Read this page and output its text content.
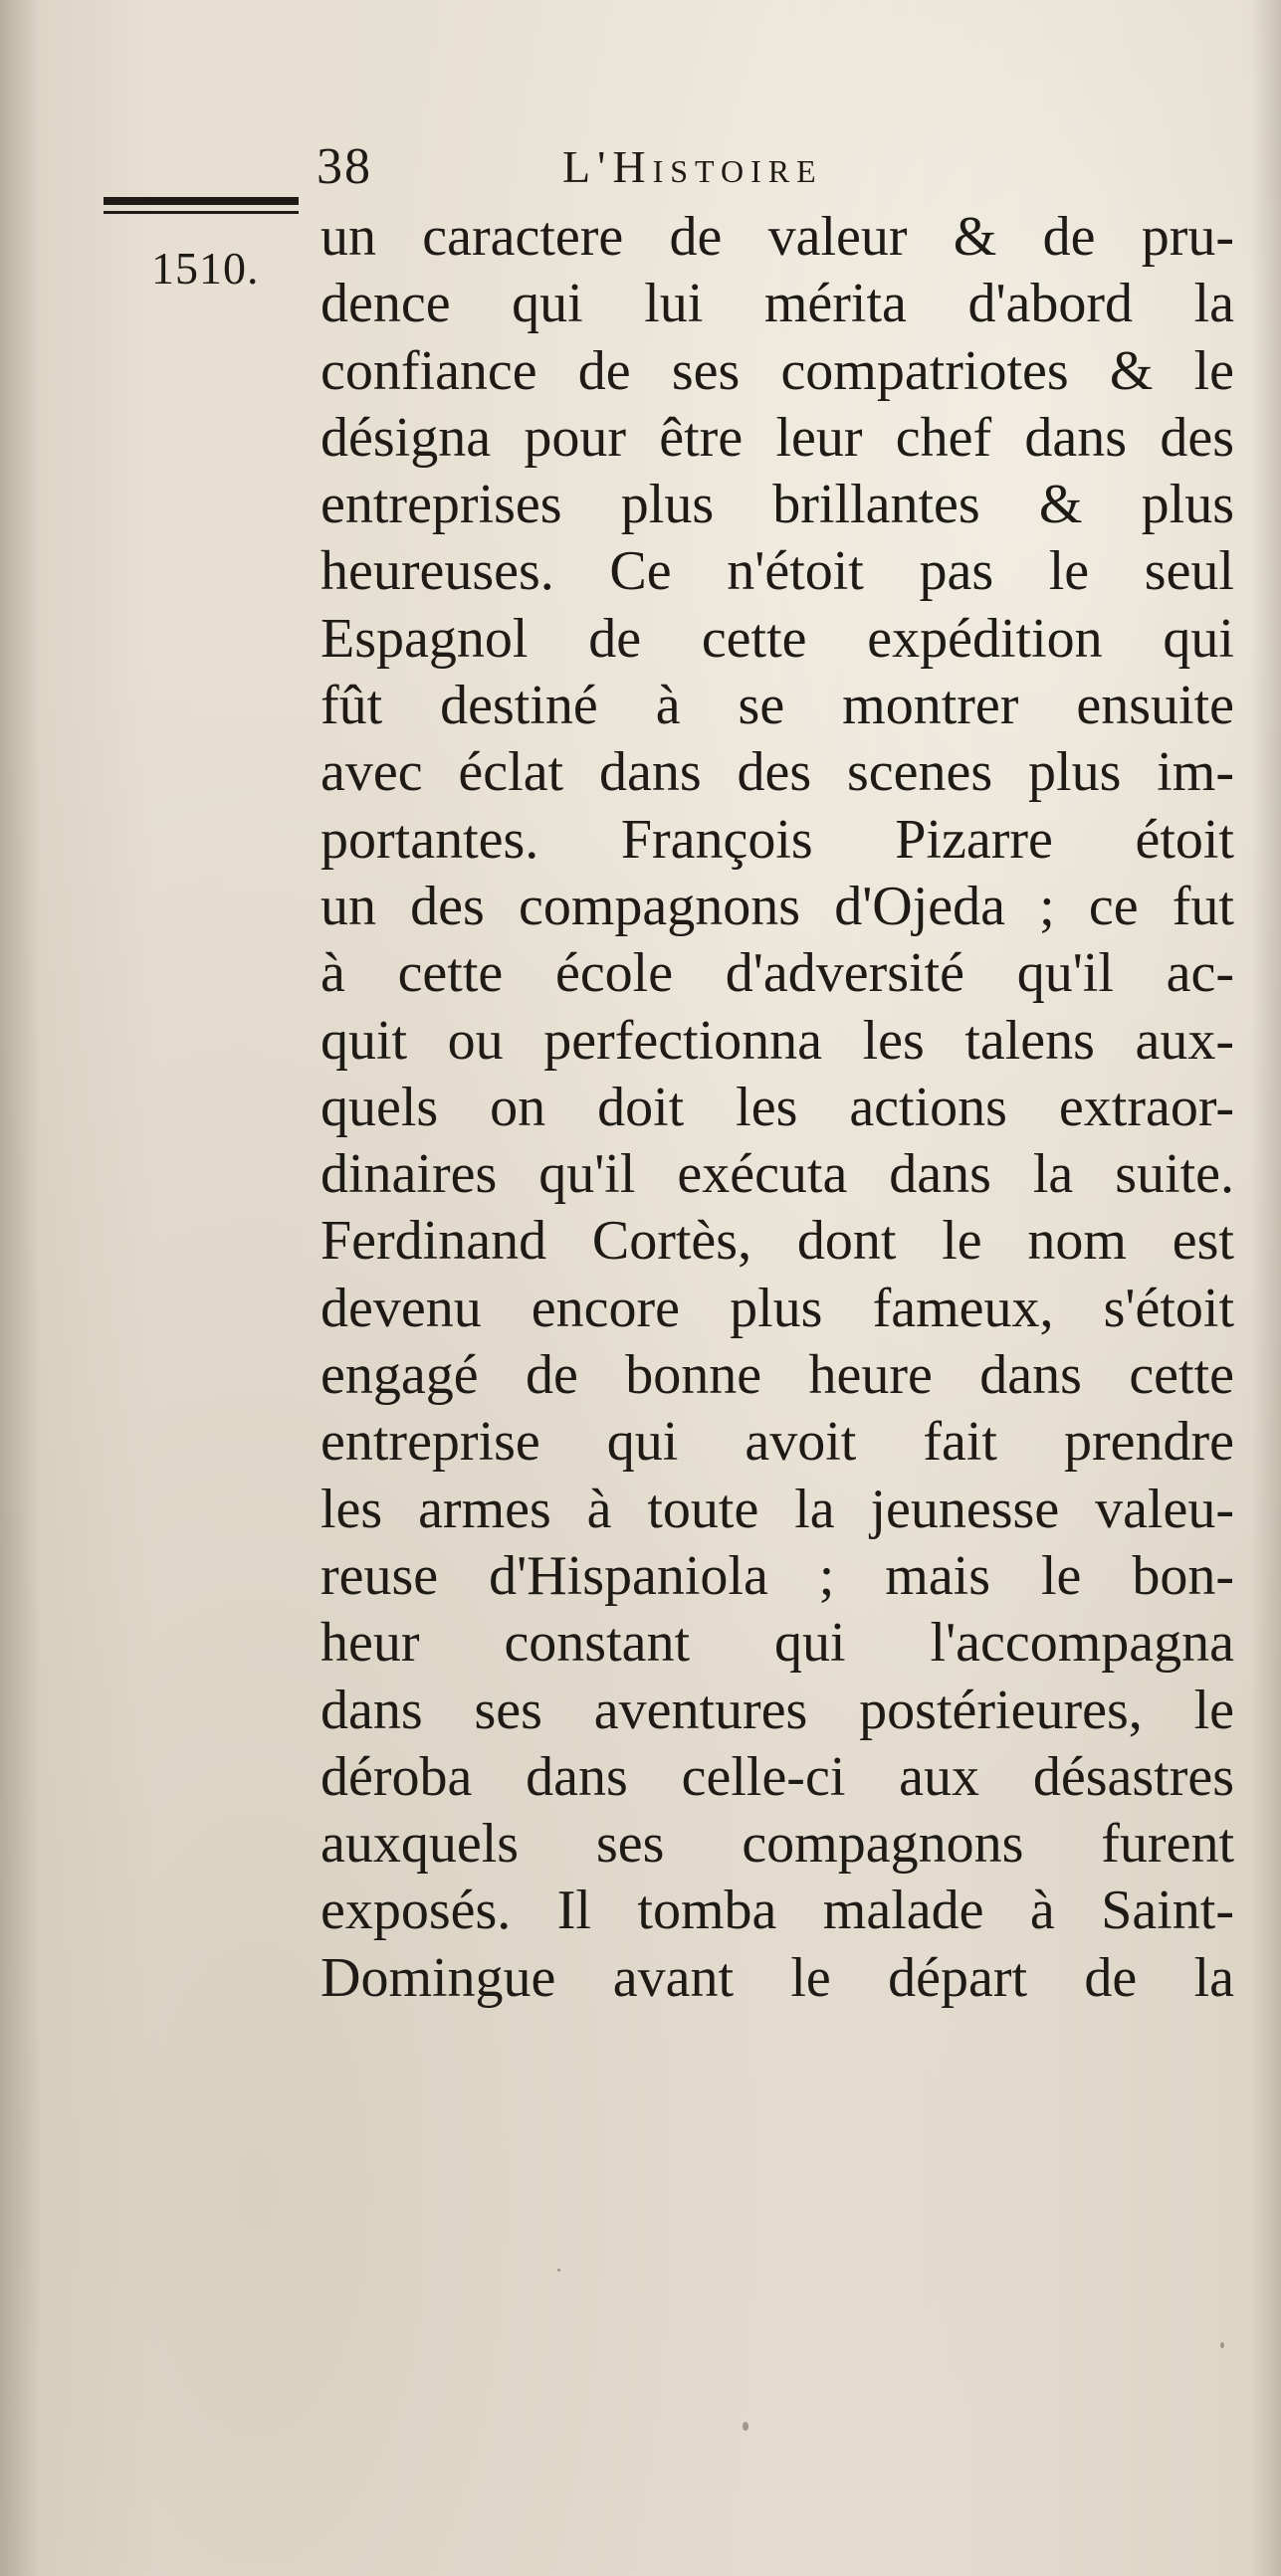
38	L'Histoire
1510.
un caractere de valeur & de pru-
dence qui lui mérita d'abord la
confiance de ses compatriotes & le
désigna pour être leur chef dans des
entreprises plus brillantes & plus
heureuses. Ce n'étoit pas le seul
Espagnol de cette expédition qui
fût destiné à se montrer ensuite
avec éclat dans des scenes plus im-
portantes. François Pizarre étoit
un des compagnons d'Ojeda ; ce fut
à cette école d'adversité qu'il ac-
quit ou perfectionna les talens aux-
quels on doit les actions extraor-
dinaires qu'il exécuta dans la suite.
Ferdinand Cortès, dont le nom est
devenu encore plus fameux, s'étoit
engagé de bonne heure dans cette
entreprise qui avoit fait prendre
les armes à toute la jeunesse valeu-
reuse d'Hispaniola ; mais le bon-
heur constant qui l'accompagna
dans ses aventures postérieures, le
déroba dans celle-ci aux désastres
auxquels ses compagnons furent
exposés. Il tomba malade à Saint-
Domingue avant le départ de la
